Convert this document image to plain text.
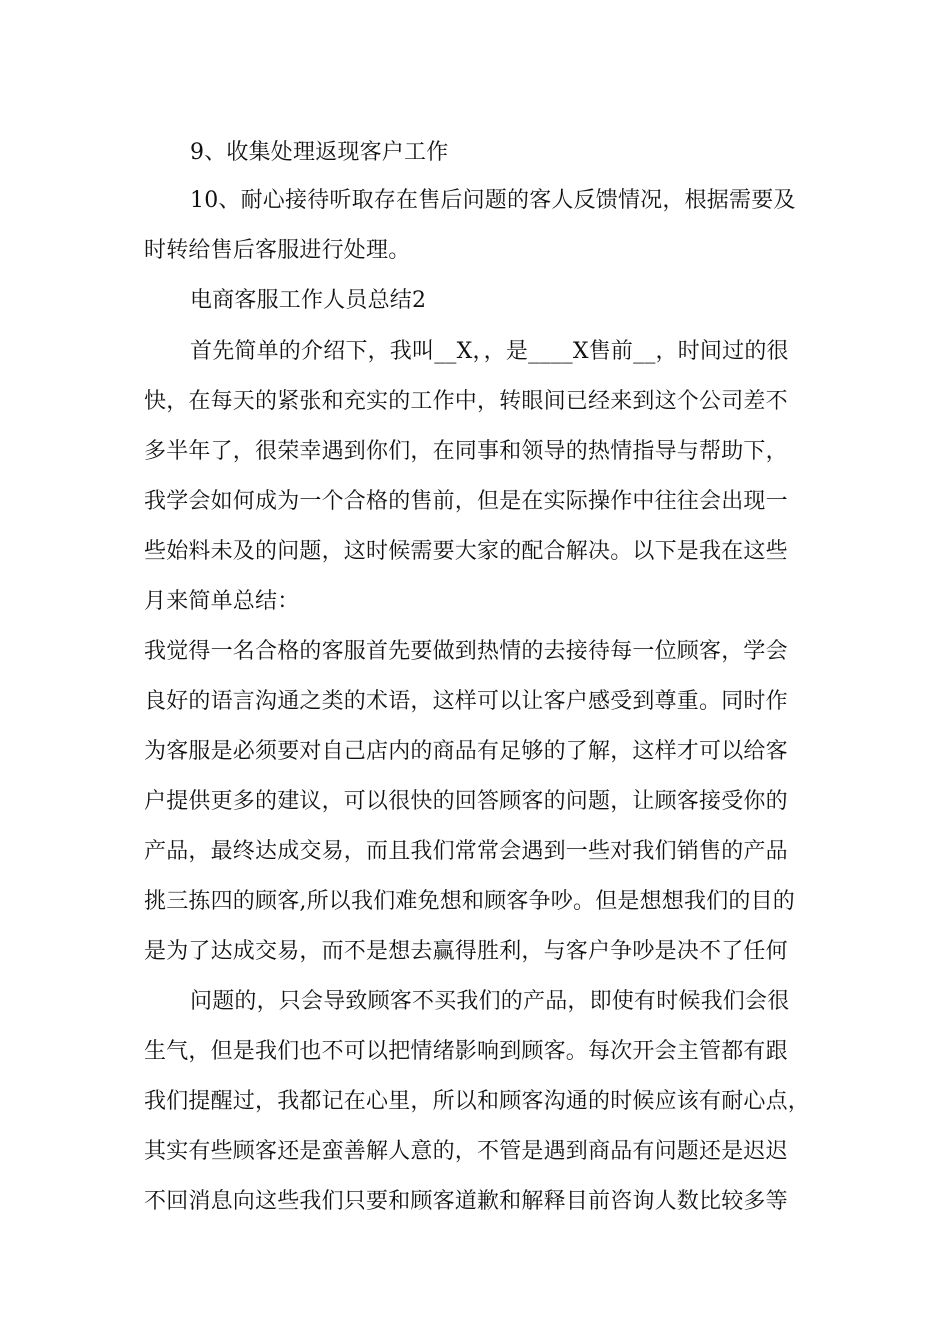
9、收集处理返现客户工作
10、耐心接待听取存在售后问题的客人反馈情况，根据需要及
时转给售后客服进行处理。
电商客服工作人员总结2
首先简单的介绍下，我叫__X，，是____X售前__，时间过的很
快，在每天的紧张和充实的工作中，转眼间已经来到这个公司差不
多半年了，很荣幸遇到你们，在同事和领导的热情指导与帮助下，
我学会如何成为一个合格的售前，但是在实际操作中往往会出现一
些始料未及的问题，这时候需要大家的配合解决。以下是我在这些
月来简单总结：
我觉得一名合格的客服首先要做到热情的去接待每一位顾客，学会
良好的语言沟通之类的术语，这样可以让客户感受到尊重。同时作
为客服是必须要对自己店内的商品有足够的了解，这样才可以给客
户提供更多的建议，可以很快的回答顾客的问题，让顾客接受你的
产品，最终达成交易，而且我们常常会遇到一些对我们销售的产品
挑三拣四的顾客,所以我们难免想和顾客争吵。但是想想我们的目的
是为了达成交易，而不是想去赢得胜利，与客户争吵是决不了任何
问题的，只会导致顾客不买我们的产品，即使有时候我们会很
生气，但是我们也不可以把情绪影响到顾客。每次开会主管都有跟
我们提醒过，我都记在心里，所以和顾客沟通的时候应该有耐心点，
其实有些顾客还是蛮善解人意的，不管是遇到商品有问题还是迟迟
不回消息向这些我们只要和顾客道歉和解释目前咨询人数比较多等
